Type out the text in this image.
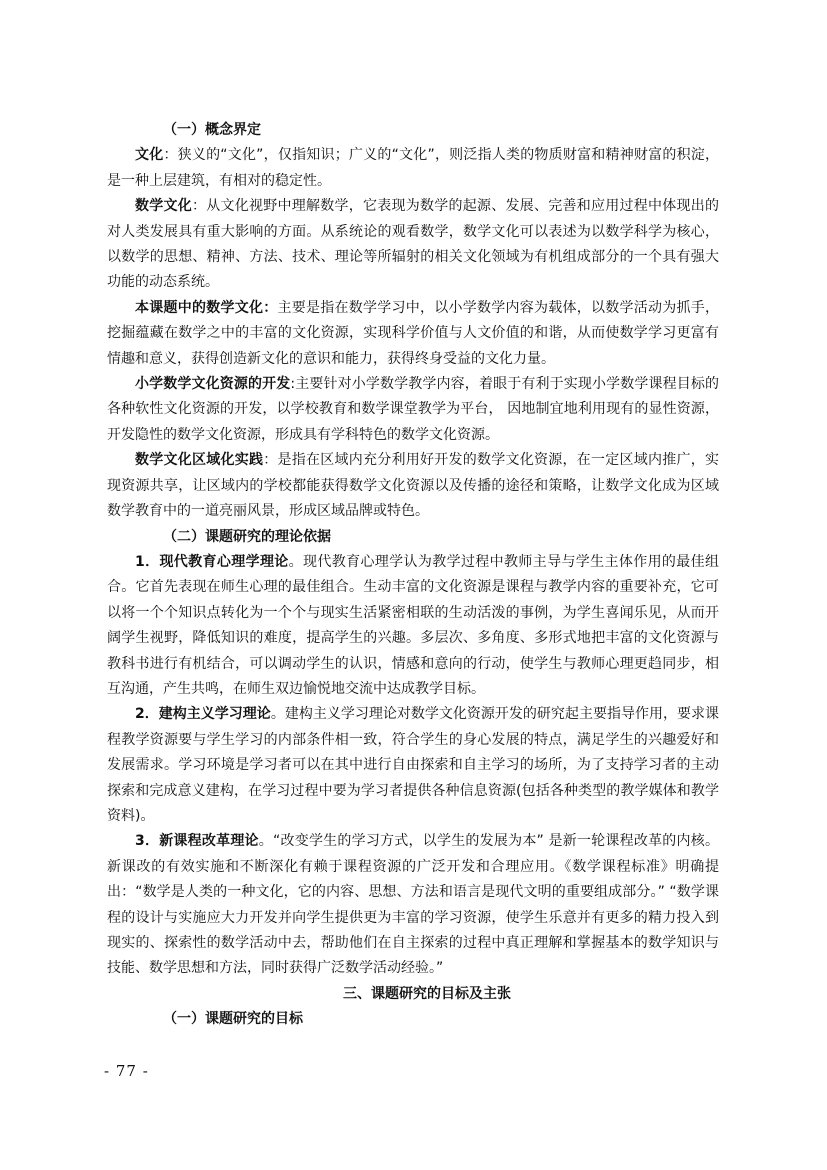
（一）概念界定

文化：狭义的“文化”，仅指知识；广义的“文化”，则泛指人类的物质财富和精神财富的积淀，是一种上层建筑，有相对的稳定性。

数学文化：从文化视野中理解数学，它表现为数学的起源、发展、完善和应用过程中体现出的对人类发展具有重大影响的方面。从系统论的观看数学，数学文化可以表述为以数学科学为核心，以数学的思想、精神、方法、技术、理论等所辐射的相关文化领域为有机组成部分的一个具有强大功能的动态系统。

本课题中的数学文化：主要是指在数学学习中，以小学数学内容为载体，以数学活动为抓手，挖掘蕴藏在数学之中的丰富的文化资源，实现科学价值与人文价值的和谐，从而使数学学习更富有情趣和意义，获得创造新文化的意识和能力，获得终身受益的文化力量。

小学数学文化资源的开发:主要针对小学数学教学内容，着眼于有利于实现小学数学课程目标的各种软性文化资源的开发，以学校教育和数学课堂教学为平台， 因地制宜地利用现有的显性资源，开发隐性的数学文化资源，形成具有学科特色的数学文化资源。

数学文化区域化实践：是指在区域内充分利用好开发的数学文化资源，在一定区域内推广，实现资源共享，让区域内的学校都能获得数学文化资源以及传播的途径和策略，让数学文化成为区域数学教育中的一道亮丽风景，形成区域品牌或特色。

（二）课题研究的理论依据

1．现代教育心理学理论。现代教育心理学认为教学过程中教师主导与学生主体作用的最佳组合。它首先表现在师生心理的最佳组合。生动丰富的文化资源是课程与教学内容的重要补充，它可以将一个个知识点转化为一个个与现实生活紧密相联的生动活泼的事例，为学生喜闻乐见，从而开阔学生视野，降低知识的难度，提高学生的兴趣。多层次、多角度、多形式地把丰富的文化资源与教科书进行有机结合，可以调动学生的认识，情感和意向的行动，使学生与教师心理更趋同步，相互沟通，产生共鸣，在师生双边愉悦地交流中达成教学目标。

2．建构主义学习理论。建构主义学习理论对数学文化资源开发的研究起主要指导作用，要求课程教学资源要与学生学习的内部条件相一致，符合学生的身心发展的特点，满足学生的兴趣爱好和发展需求。学习环境是学习者可以在其中进行自由探索和自主学习的场所，为了支持学习者的主动探索和完成意义建构，在学习过程中要为学习者提供各种信息资源(包括各种类型的教学媒体和教学资料)。

3．新课程改革理论。“改变学生的学习方式，以学生的发展为本” 是新一轮课程改革的内核。新课改的有效实施和不断深化有赖于课程资源的广泛开发和合理应用。《数学课程标准》明确提出：“数学是人类的一种文化，它的内容、思想、方法和语言是现代文明的重要组成部分。” “数学课程的设计与实施应大力开发并向学生提供更为丰富的学习资源，使学生乐意并有更多的精力投入到现实的、探索性的数学活动中去，帮助他们在自主探索的过程中真正理解和掌握基本的数学知识与技能、数学思想和方法，同时获得广泛数学活动经验。”

三、课题研究的目标及主张

（一）课题研究的目标

- 77 -
